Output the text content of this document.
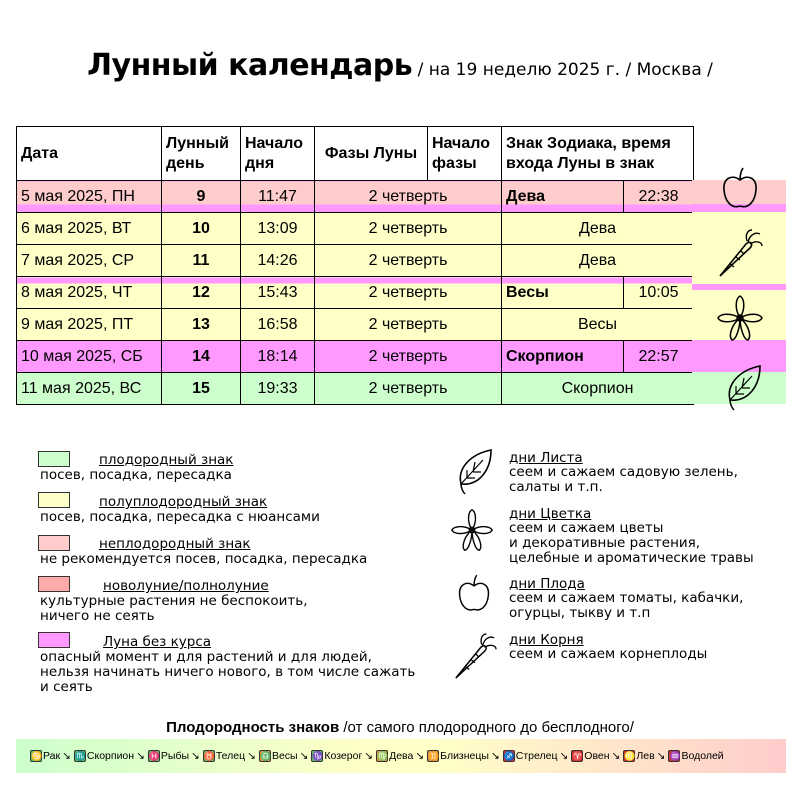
Лунный календарь / на 19 неделю 2025 г. / Москва /
Дата	Лунный день	Начало дня	Фазы Луны	Начало фазы	Знак Зодиака, время входа Луны в знак	
5 мая 2025, ПН	9	11:47	2 четверть		Дева	22:38
6 мая 2025, ВТ	10	13:09	2 четверть		Дева	
7 мая 2025, СР	11	14:26	2 четверть		Дева	
8 мая 2025, ЧТ	12	15:43	2 четверть		Весы	10:05
9 мая 2025, ПТ	13	16:58	2 четверть		Весы	
10 мая 2025, СБ	14	18:14	2 четверть		Скорпион	22:57
11 мая 2025, ВС	15	19:33	2 четверть		Скорпион	
плодородный знак
посев, посадка, пересадка
полуплодородный знак
посев, посадка, пересадка с нюансами
неплодородный знак
не рекомендуется посев, посадка, пересадка
новолуние/полнолуние
культурные растения не беспокоить,
ничего не сеять
Луна без курса
опасный момент и для растений и для людей,
нельзя начинать ничего нового, в том числе сажать
и сеять
дни Листа
сеем и сажаем садовую зелень,
салаты и т.п.
дни Цветка
сеем и сажаем цветы
и декоративные растения,
целебные и ароматические травы
дни Плода
сеем и сажаем томаты, кабачки,
огурцы, тыкву и т.п
дни Корня
сеем и сажаем корнеплоды
Плодородность знаков /от самого плодородного до бесплодного/
♋ Рак ↘ ♏ Скорпион ↘ ♓ Рыбы ↘ ♉ Телец ↘ ♎ Весы ↘ ♑ Козерог ↘ ♍ Дева ↘ ♊ Близнецы ↘ ♐ Стрелец ↘ ♈ Овен ↘ ♌ Лев ↘ ♒ Водолей
